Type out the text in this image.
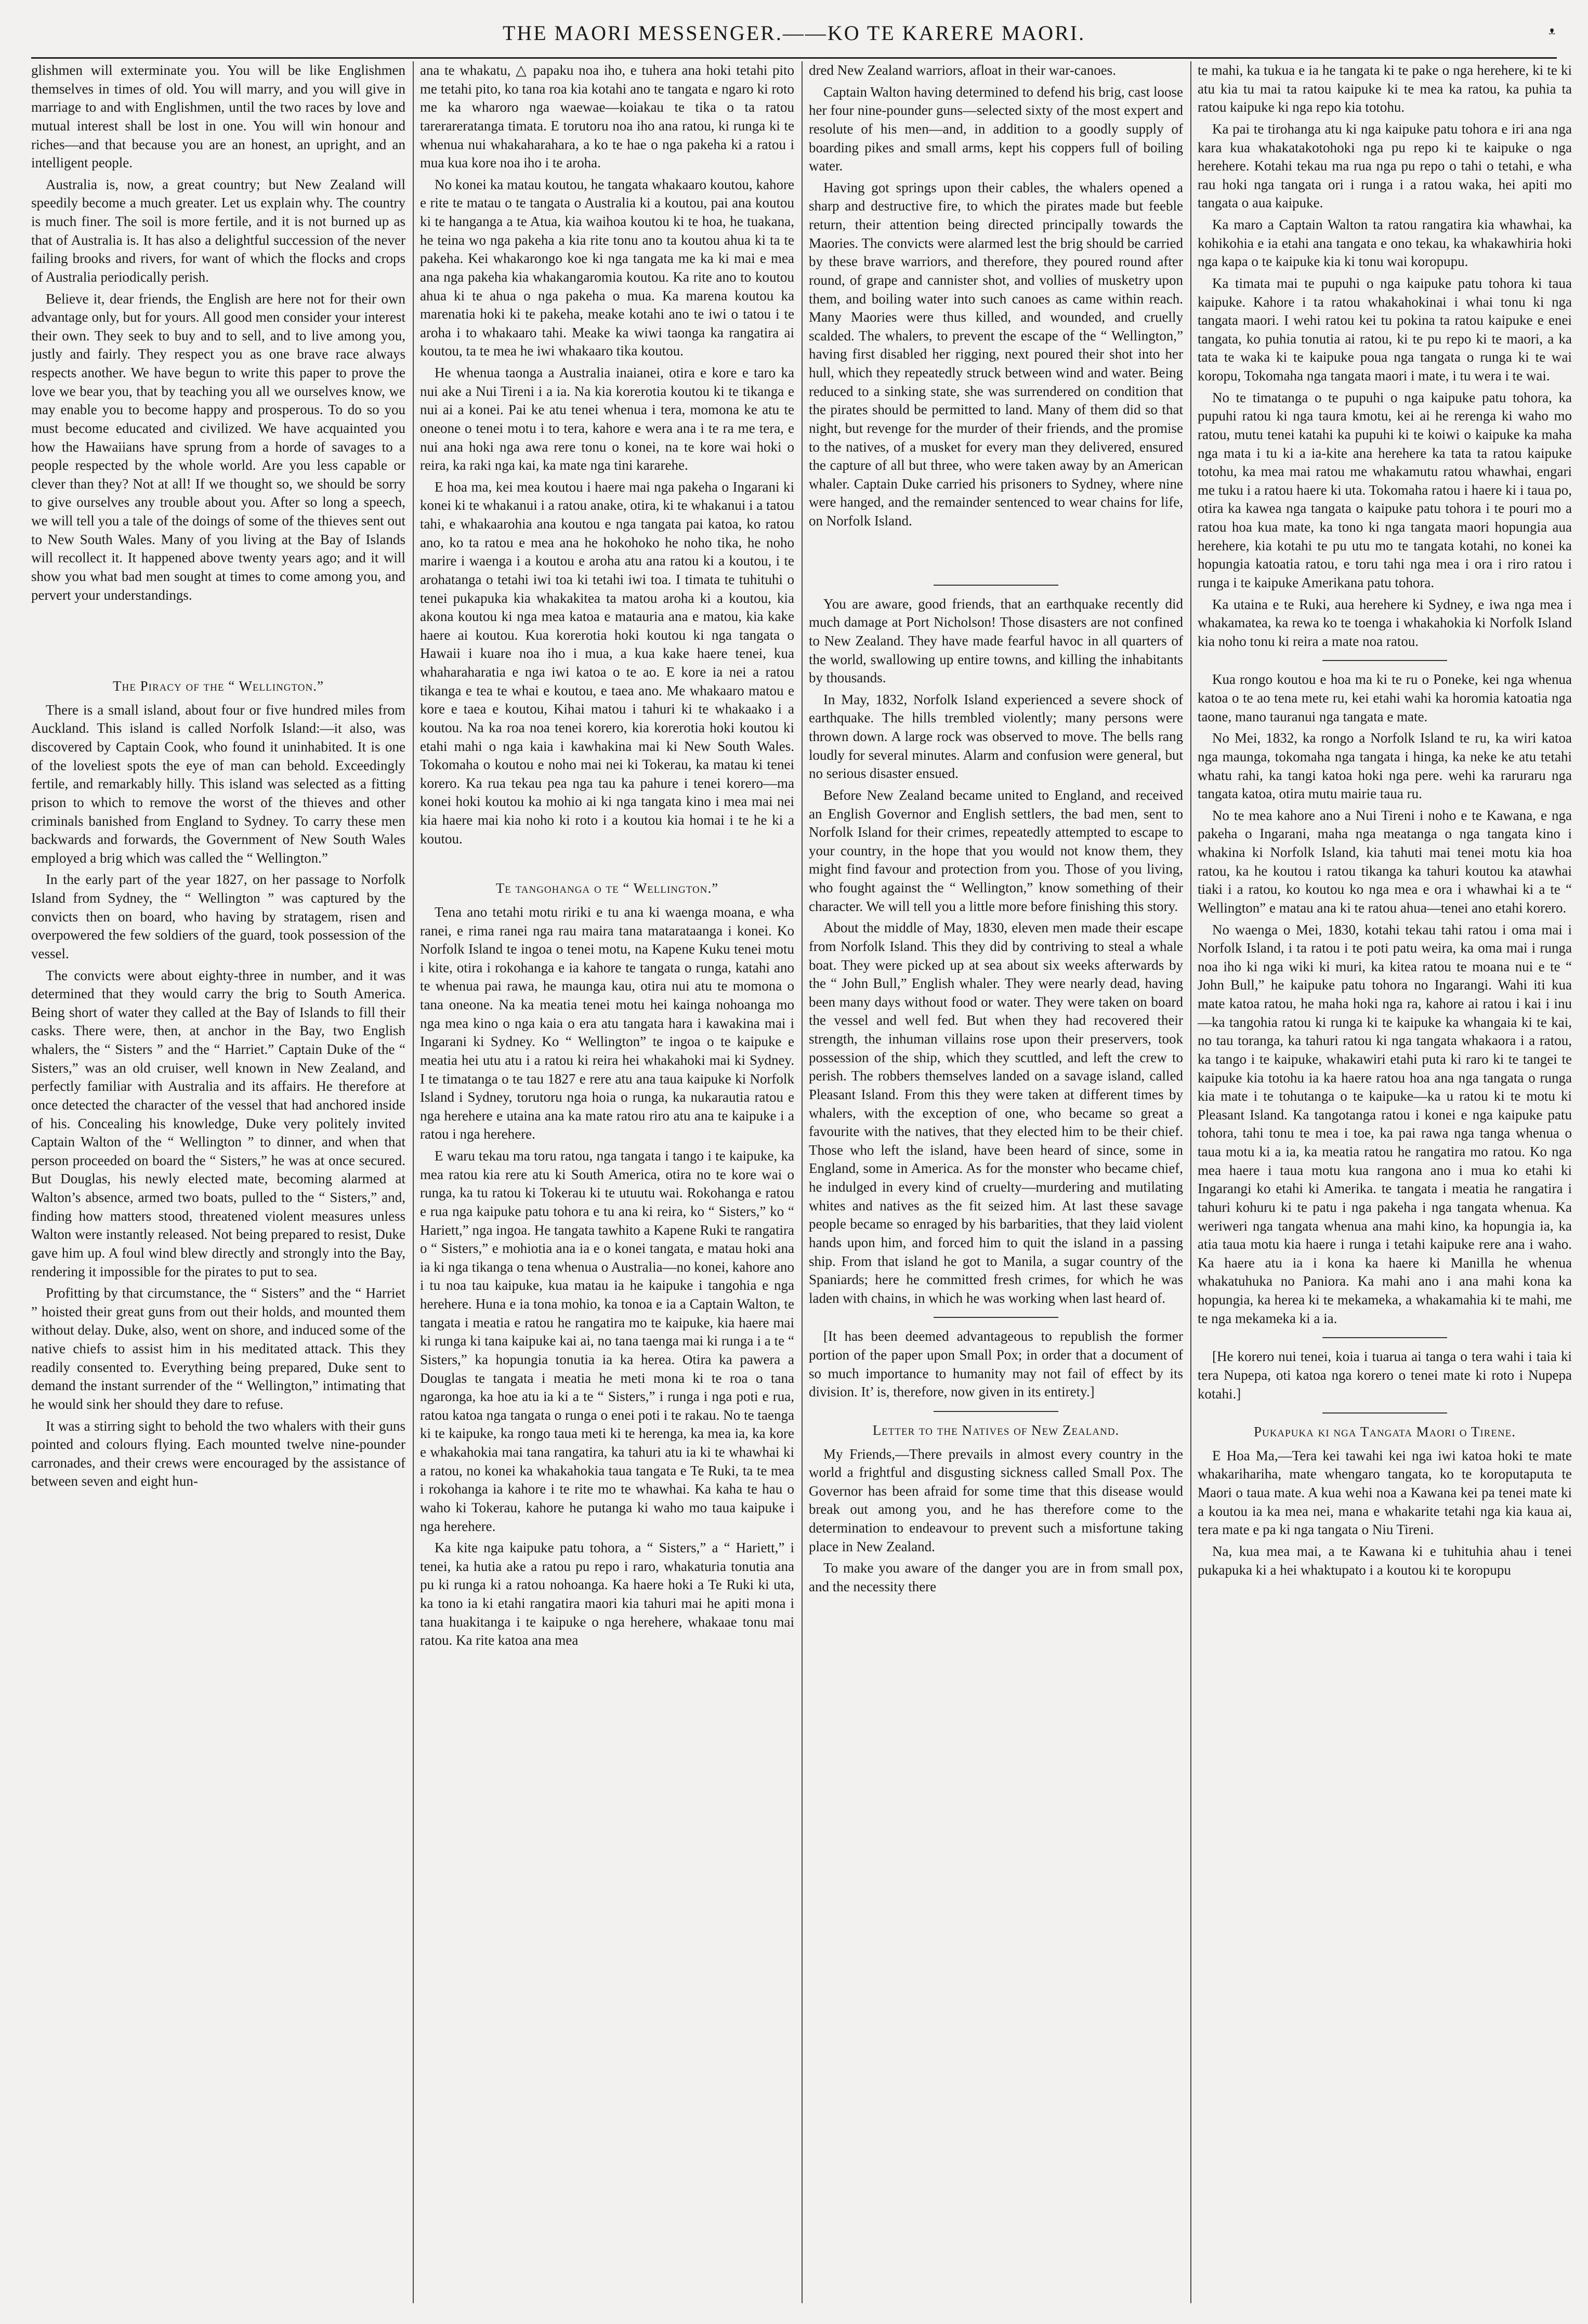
THE MAORI MESSENGER.——KO TE KARERE MAORI.	ᵜ

glishmen will exterminate you. You will be like Englishmen themselves in times of old. You will marry, and you will give in marriage to and with Englishmen, until the two races by love and mutual interest shall be lost in one. You will win honour and riches—and that because you are an honest, an upright, and an intelligent people.

Australia is, now, a great country; but New Zealand will speedily become a much greater. Let us explain why. The country is much finer. The soil is more fertile, and it is not burned up as that of Australia is. It has also a delightful succession of the never failing brooks and rivers, for want of which the flocks and crops of Australia periodically perish.

Believe it, dear friends, the English are here not for their own advantage only, but for yours. All good men consider your interest their own. They seek to buy and to sell, and to live among you, justly and fairly. They respect you as one brave race always respects another. We have begun to write this paper to prove the love we bear you, that by teaching you all we ourselves know, we may enable you to become happy and prosperous. To do so you must become educated and civilized. We have acquainted you how the Hawaiians have sprung from a horde of savages to a people respected by the whole world. Are you less capable or clever than they? Not at all! If we thought so, we should be sorry to give ourselves any trouble about you. After so long a speech, we will tell you a tale of the doings of some of the thieves sent out to New South Wales. Many of you living at the Bay of Islands will recollect it. It happened above twenty years ago; and it will show you what bad men sought at times to come among you, and pervert your understandings.

The Piracy of the “ Wellington.”

There is a small island, about four or five hundred miles from Auckland. This island is called Norfolk Island:—it also, was discovered by Captain Cook, who found it uninhabited. It is one of the loveliest spots the eye of man can behold. Exceedingly fertile, and remarkably hilly. This island was selected as a fitting prison to which to remove the worst of the thieves and other criminals banished from England to Sydney. To carry these men backwards and forwards, the Government of New South Wales employed a brig which was called the “ Wellington.”

In the early part of the year 1827, on her passage to Norfolk Island from Sydney, the “ Wellington ” was captured by the convicts then on board, who having by stratagem, risen and overpowered the few soldiers of the guard, took possession of the vessel.

The convicts were about eighty-three in number, and it was determined that they would carry the brig to South America. Being short of water they called at the Bay of Islands to fill their casks. There were, then, at anchor in the Bay, two English whalers, the “ Sisters ” and the “ Harriet.” Captain Duke of the “ Sisters,” was an old cruiser, well known in New Zealand, and perfectly familiar with Australia and its affairs. He therefore at once detected the character of the vessel that had anchored inside of his. Concealing his knowledge, Duke very politely invited Captain Walton of the “ Wellington ” to dinner, and when that person proceeded on board the “ Sisters,” he was at once secured. But Douglas, his newly elected mate, becoming alarmed at Walton’s absence, armed two boats, pulled to the “ Sisters,” and, finding how matters stood, threatened violent measures unless Walton were instantly released. Not being prepared to resist, Duke gave him up. A foul wind blew directly and strongly into the Bay, rendering it impossible for the pirates to put to sea.

Profitting by that circumstance, the “ Sisters” and the “ Harriet ” hoisted their great guns from out their holds, and mounted them without delay. Duke, also, went on shore, and induced some of the native chiefs to assist him in his meditated attack. This they readily consented to. Everything being prepared, Duke sent to demand the instant surrender of the “ Wellington,” intimating that he would sink her should they dare to refuse.

It was a stirring sight to behold the two whalers with their guns pointed and colours flying. Each mounted twelve nine-pounder carronades, and their crews were encouraged by the assistance of between seven and eight hun-

ana te whakatu, △ papaku noa iho, e tuhera ana hoki tetahi pito me tetahi pito, ko tana roa kia kotahi ano te tangata e ngaro ki roto me ka wharoro nga waewae—koiakau te tika o ta ratou tarerareratanga timata. E torutoru noa iho ana ratou, ki runga ki te whenua nui whakaharahara, a ko te hae o nga pakeha ki a ratou i mua kua kore noa iho i te aroha.

No konei ka matau koutou, he tangata whakaaro koutou, kahore e rite te matau o te tangata o Australia ki a koutou, pai ana koutou ki te hanganga a te Atua, kia waihoa koutou ki te hoa, he tuakana, he teina wo nga pakeha a kia rite tonu ano ta koutou ahua ki ta te pakeha. Kei whakarongo koe ki nga tangata me ka ki mai e mea ana nga pakeha kia whakangaromia koutou. Ka rite ano to koutou ahua ki te ahua o nga pakeha o mua. Ka marena koutou ka marenatia hoki ki te pakeha, meake kotahi ano te iwi o tatou i te aroha i to whakaaro tahi. Meake ka wiwi taonga ka rangatira ai koutou, ta te mea he iwi whakaaro tika koutou.

He whenua taonga a Australia inaianei, otira e kore e taro ka nui ake a Nui Tireni i a ia. Na kia korerotia koutou ki te tikanga e nui ai a konei. Pai ke atu tenei whenua i tera, momona ke atu te oneone o tenei motu i to tera, kahore e wera ana i te ra me tera, e nui ana hoki nga awa rere tonu o konei, na te kore wai hoki o reira, ka raki nga kai, ka mate nga tini kararehe.

E hoa ma, kei mea koutou i haere mai nga pakeha o Ingarani ki konei ki te whakanui i a ratou anake, otira, ki te whakanui i a tatou tahi, e whakaarohia ana koutou e nga tangata pai katoa, ko ratou ano, ko ta ratou e mea ana he hokohoko he noho tika, he noho marire i waenga i a koutou e aroha atu ana ratou ki a koutou, i te arohatanga o tetahi iwi toa ki tetahi iwi toa. I timata te tuhituhi o tenei pukapuka kia whakakitea ta matou aroha ki a koutou, kia akona koutou ki nga mea katoa e matauria ana e matou, kia kake haere ai koutou. Kua korerotia hoki koutou ki nga tangata o Hawaii i kuare noa iho i mua, a kua kake haere tenei, kua whaharaharatia e nga iwi katoa o te ao. E kore ia nei a ratou tikanga e tea te whai e koutou, e taea ano. Me whakaaro matou e kore e taea e koutou, Kihai matou i tahuri ki te whakaako i a koutou. Na ka roa noa tenei korero, kia korerotia hoki koutou ki etahi mahi o nga kaia i kawhakina mai ki New South Wales. Tokomaha o koutou e noho mai nei ki Tokerau, ka matau ki tenei korero. Ka rua tekau pea nga tau ka pahure i tenei korero—ma konei hoki koutou ka mohio ai ki nga tangata kino i mea mai nei kia haere mai kia noho ki roto i a koutou kia homai i te he ki a koutou.

Te tangohanga o te “ Wellington.”

Tena ano tetahi motu ririki e tu ana ki waenga moana, e wha ranei, e rima ranei nga rau maira tana matarataanga i konei. Ko Norfolk Island te ingoa o tenei motu, na Kapene Kuku tenei motu i kite, otira i rokohanga e ia kahore te tangata o runga, katahi ano te whenua pai rawa, he maunga kau, otira nui atu te momona o tana oneone. Na ka meatia tenei motu hei kainga nohoanga mo nga mea kino o nga kaia o era atu tangata hara i kawakina mai i Ingarani ki Sydney. Ko “ Wellington” te ingoa o te kaipuke e meatia hei utu atu i a ratou ki reira hei whakahoki mai ki Sydney. I te timatanga o te tau 1827 e rere atu ana taua kaipuke ki Norfolk Island i Sydney, torutoru nga hoia o runga, ka nukarautia ratou e nga herehere e utaina ana ka mate ratou riro atu ana te kaipuke i a ratou i nga herehere.

E waru tekau ma toru ratou, nga tangata i tango i te kaipuke, ka mea ratou kia rere atu ki South America, otira no te kore wai o runga, ka tu ratou ki Tokerau ki te utuutu wai. Rokohanga e ratou e rua nga kaipuke patu tohora e tu ana ki reira, ko “ Sisters,” ko “ Hariett,” nga ingoa. He tangata tawhito a Kapene Ruki te rangatira o “ Sisters,” e mohiotia ana ia e o konei tangata, e matau hoki ana ia ki nga tikanga o tena whenua o Australia—no konei, kahore ano i tu noa tau kaipuke, kua matau ia he kaipuke i tangohia e nga herehere. Huna e ia tona mohio, ka tonoa e ia a Captain Walton, te tangata i meatia e ratou he rangatira mo te kaipuke, kia haere mai ki runga ki tana kaipuke kai ai, no tana taenga mai ki runga i a te “ Sisters,” ka hopungia tonutia ia ka herea. Otira ka pawera a Douglas te tangata i meatia he meti mona ki te roa o tana ngaronga, ka hoe atu ia ki a te “ Sisters,” i runga i nga poti e rua, ratou katoa nga tangata o runga o enei poti i te rakau. No te taenga ki te kaipuke, ka rongo taua meti ki te herenga, ka mea ia, ka kore e whakahokia mai tana rangatira, ka tahuri atu ia ki te whawhai ki a ratou, no konei ka whakahokia taua tangata e Te Ruki, ta te mea i rokohanga ia kahore i te rite mo te whawhai. Ka kaha te hau o waho ki Tokerau, kahore he putanga ki waho mo taua kaipuke i nga herehere.

Ka kite nga kaipuke patu tohora, a “ Sisters,” a “ Hariett,” i tenei, ka hutia ake a ratou pu repo i raro, whakaturia tonutia ana pu ki runga ki a ratou nohoanga. Ka haere hoki a Te Ruki ki uta, ka tono ia ki etahi rangatira maori kia tahuri mai he apiti mona i tana huakitanga i te kaipuke o nga herehere, whakaae tonu mai ratou. Ka rite katoa ana mea

dred New Zealand warriors, afloat in their war-canoes.

Captain Walton having determined to defend his brig, cast loose her four nine-pounder guns—selected sixty of the most expert and resolute of his men—and, in addition to a goodly supply of boarding pikes and small arms, kept his coppers full of boiling water.

Having got springs upon their cables, the whalers opened a sharp and destructive fire, to which the pirates made but feeble return, their attention being directed principally towards the Maories. The convicts were alarmed lest the brig should be carried by these brave warriors, and therefore, they poured round after round, of grape and cannister shot, and vollies of musketry upon them, and boiling water into such canoes as came within reach. Many Maories were thus killed, and wounded, and cruelly scalded. The whalers, to prevent the escape of the “ Wellington,” having first disabled her rigging, next poured their shot into her hull, which they repeatedly struck between wind and water. Being reduced to a sinking state, she was surrendered on condition that the pirates should be permitted to land. Many of them did so that night, but revenge for the murder of their friends, and the promise to the natives, of a musket for every man they delivered, ensured the capture of all but three, who were taken away by an American whaler. Captain Duke carried his prisoners to Sydney, where nine were hanged, and the remainder sentenced to wear chains for life, on Norfolk Island.

You are aware, good friends, that an earthquake recently did much damage at Port Nicholson! Those disasters are not confined to New Zealand. They have made fearful havoc in all quarters of the world, swallowing up entire towns, and killing the inhabitants by thousands.

In May, 1832, Norfolk Island experienced a severe shock of earthquake. The hills trembled violently; many persons were thrown down. A large rock was observed to move. The bells rang loudly for several minutes. Alarm and confusion were general, but no serious disaster ensued.

Before New Zealand became united to England, and received an English Governor and English settlers, the bad men, sent to Norfolk Island for their crimes, repeatedly attempted to escape to your country, in the hope that you would not know them, they might find favour and protection from you. Those of you living, who fought against the “ Wellington,” know something of their character. We will tell you a little more before finishing this story.

About the middle of May, 1830, eleven men made their escape from Norfolk Island. This they did by contriving to steal a whale boat. They were picked up at sea about six weeks afterwards by the “ John Bull,” English whaler. They were nearly dead, having been many days without food or water. They were taken on board the vessel and well fed. But when they had recovered their strength, the inhuman villains rose upon their preservers, took possession of the ship, which they scuttled, and left the crew to perish. The robbers themselves landed on a savage island, called Pleasant Island. From this they were taken at different times by whalers, with the exception of one, who became so great a favourite with the natives, that they elected him to be their chief. Those who left the island, have been heard of since, some in England, some in America. As for the monster who became chief, he indulged in every kind of cruelty—murdering and mutilating whites and natives as the fit seized him. At last these savage people became so enraged by his barbarities, that they laid violent hands upon him, and forced him to quit the island in a passing ship. From that island he got to Manila, a sugar country of the Spaniards; here he committed fresh crimes, for which he was laden with chains, in which he was working when last heard of.

[It has been deemed advantageous to republish the former portion of the paper upon Small Pox; in order that a document of so much importance to humanity may not fail of effect by its division. It’ is, therefore, now given in its entirety.]

Letter to the Natives of New Zealand.

My Friends,—There prevails in almost every country in the world a frightful and disgusting sickness called Small Pox. The Governor has been afraid for some time that this disease would break out among you, and he has therefore come to the determination to endeavour to prevent such a misfortune taking place in New Zealand.

To make you aware of the danger you are in from small pox, and the necessity there

te mahi, ka tukua e ia he tangata ki te pake o nga herehere, ki te ki atu kia tu mai ta ratou kaipuke ki te mea ka ratou, ka puhia ta ratou kaipuke ki nga repo kia totohu.

Ka pai te tirohanga atu ki nga kaipuke patu tohora e iri ana nga kara kua whakatakotohoki nga pu repo ki te kaipuke o nga herehere. Kotahi tekau ma rua nga pu repo o tahi o tetahi, e wha rau hoki nga tangata ori i runga i a ratou waka, hei apiti mo tangata o aua kaipuke.

Ka maro a Captain Walton ta ratou rangatira kia whawhai, ka kohikohia e ia etahi ana tangata e ono tekau, ka whakawhiria hoki nga kapa o te kaipuke kia ki tonu wai koropupu.

Ka timata mai te pupuhi o nga kaipuke patu tohora ki taua kaipuke. Kahore i ta ratou whakahokinai i whai tonu ki nga tangata maori. I wehi ratou kei tu pokina ta ratou kaipuke e enei tangata, ko puhia tonutia ai ratou, ki te pu repo ki te maori, a ka tata te waka ki te kaipuke poua nga tangata o runga ki te wai koropu, Tokomaha nga tangata maori i mate, i tu wera i te wai.

No te timatanga o te pupuhi o nga kaipuke patu tohora, ka pupuhi ratou ki nga taura kmotu, kei ai he rerenga ki waho mo ratou, mutu tenei katahi ka pupuhi ki te koiwi o kaipuke ka maha nga mata i tu ki a ia-kite ana herehere ka tata ta ratou kaipuke totohu, ka mea mai ratou me whakamutu ratou whawhai, engari me tuku i a ratou haere ki uta. Tokomaha ratou i haere ki i taua po, otira ka kawea nga tangata o kaipuke patu tohora i te pouri mo a ratou hoa kua mate, ka tono ki nga tangata maori hopungia aua herehere, kia kotahi te pu utu mo te tangata kotahi, no konei ka hopungia katoatia ratou, e toru tahi nga mea i ora i riro ratou i runga i te kaipuke Amerikana patu tohora.

Ka utaina e te Ruki, aua herehere ki Sydney, e iwa nga mea i whakamatea, ka rewa ko te toenga i whakahokia ki Norfolk Island kia noho tonu ki reira a mate noa ratou.

Kua rongo koutou e hoa ma ki te ru o Poneke, kei nga whenua katoa o te ao tena mete ru, kei etahi wahi ka horomia katoatia nga taone, mano tauranui nga tangata e mate.

No Mei, 1832, ka rongo a Norfolk Island te ru, ka wiri katoa nga maunga, tokomaha nga tangata i hinga, ka neke ke atu tetahi whatu rahi, ka tangi katoa hoki nga pere. wehi ka raruraru nga tangata katoa, otira mutu mairie taua ru.

No te mea kahore ano a Nui Tireni i noho e te Kawana, e nga pakeha o Ingarani, maha nga meatanga o nga tangata kino i whakina ki Norfolk Island, kia tahuti mai tenei motu kia hoa ratou, ka he koutou i ratou tikanga ka tahuri koutou ka atawhai tiaki i a ratou, ko koutou ko nga mea e ora i whawhai ki a te “ Wellington” e matau ana ki te ratou ahua—tenei ano etahi korero.

No waenga o Mei, 1830, kotahi tekau tahi ratou i oma mai i Norfolk Island, i ta ratou i te poti patu weira, ka oma mai i runga noa iho ki nga wiki ki muri, ka kitea ratou te moana nui e te “ John Bull,” he kaipuke patu tohora no Ingarangi. Wahi iti kua mate katoa ratou, he maha hoki nga ra, kahore ai ratou i kai i inu—ka tangohia ratou ki runga ki te kaipuke ka whangaia ki te kai, no tau toranga, ka tahuri ratou ki nga tangata whakaora i a ratou, ka tango i te kaipuke, whakawiri etahi puta ki raro ki te tangei te kaipuke kia totohu ia ka haere ratou hoa ana nga tangata o runga kia mate i te tohutanga o te kaipuke—ka u ratou ki te motu ki Pleasant Island. Ka tangotanga ratou i konei e nga kaipuke patu tohora, tahi tonu te mea i toe, ka pai rawa nga tanga whenua o taua motu ki a ia, ka meatia ratou he rangatira mo ratou. Ko nga mea haere i taua motu kua rangona ano i mua ko etahi ki Ingarangi ko etahi ki Amerika. te tangata i meatia he rangatira i tahuri kohuru ki te patu i nga pakeha i nga tangata whenua. Ka weriweri nga tangata whenua ana mahi kino, ka hopungia ia, ka atia taua motu kia haere i runga i tetahi kaipuke rere ana i waho. Ka haere atu ia i kona ka haere ki Manilla he whenua whakatuhuka no Paniora. Ka mahi ano i ana mahi kona ka hopungia, ka herea ki te mekameka, a whakamahia ki te mahi, me te nga mekameka ki a ia.

[He korero nui tenei, koia i tuarua ai tanga o tera wahi i taia ki tera Nupepa, oti katoa nga korero o tenei mate ki roto i Nupepa kotahi.]

Pukapuka ki nga Tangata Maori o Tirene.

E Hoa Ma,—Tera kei tawahi kei nga iwi katoa hoki te mate whakarihariha, mate whengaro tangata, ko te koroputaputa te Maori o taua mate. A kua wehi noa a Kawana kei pa tenei mate ki a koutou ia ka mea nei, mana e whakarite tetahi nga kia kaua ai, tera mate e pa ki nga tangata o Niu Tireni.

Na, kua mea mai, a te Kawana ki e tuhituhia ahau i tenei pukapuka ki a hei whaktupato i a koutou ki te koropupu
